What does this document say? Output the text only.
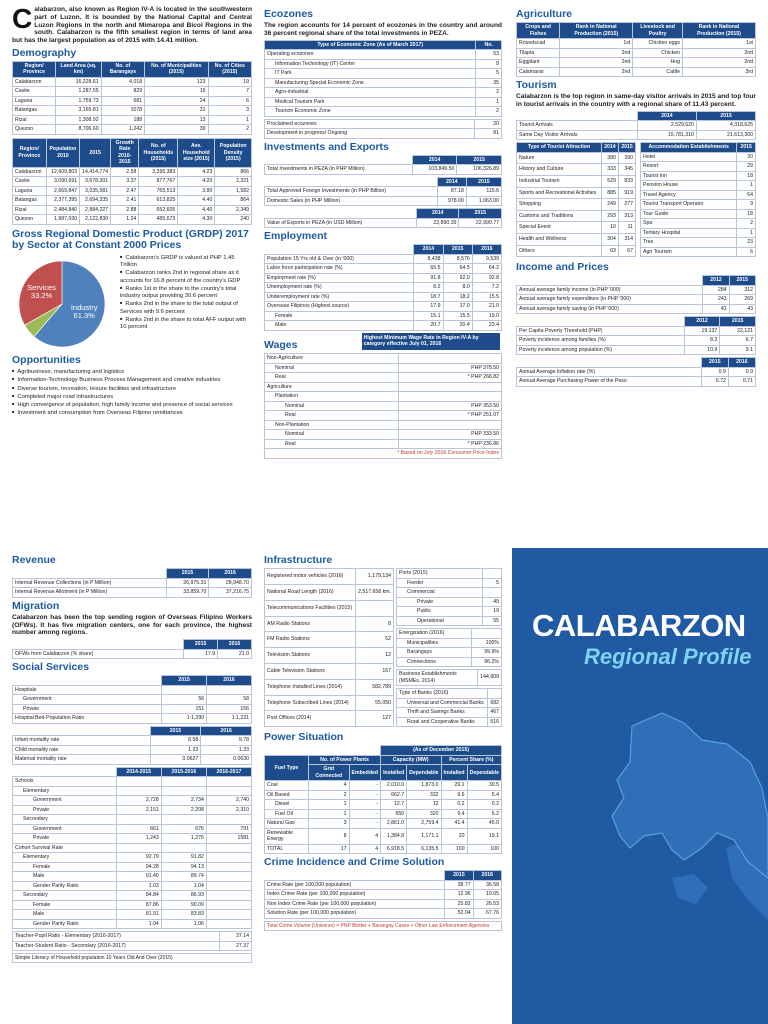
Calabarzon, also known as Region IV-A is located in the southwestern part of Luzon. It is bounded by the National Capital and Central Luzon Regions in the north and Mimaropa and Bicol Regions in the south. Calabarzon is the fifth smallest region in terms of land area but has the largest population as of 2015 with 14.41 million.
Demography
Region/ Province	Land Area (sq. km)	No. of Barangays	No. of Municipalities (2015)	No. of Cities (2015)
Calabarzon	16,228.61	4,018	123	19
Cavite	1,287.55	829	16	7
Laguna	1,759.73	681	24	6
Batangas	3,165.81	1078	31	3
Rizal	1,308.92	188	13	1
Quezon	8,706.60	1,242	39	2
Region/ Province	Population 2010	2015	Growth Rate 2010-2015	No. of Households (2015)	Ave. Household size (2015)	Population Density (2015)
Calabarzon	12,609,803	14,414,774	2.58	3,395,383	4.23	866
Cavite	3,090,691	3,678,301	3.37	877,767	4.20	2,321
Laguna	2,669,847	3,035,081	2.47	765,513	3.90	1,582
Batangas	2,377,395	2,694,335	2.41	613,825	4.40	864
Rizal	2,484,840	2,884,227	2.88	652,605	4.40	2,349
Quezon	1,987,030	2,122,830	1.24	485,673	4.30	240
Gross Regional Domestic Product (GRDP) 2017 by Sector at Constant 2000 Prices
Industry
61.3%
Services
33.2%
■ Calabarzon's GRDP is valued at PHP 1.45 Trillion
■ Calabarzon ranks 2nd in regional share as it accounts for 16.8 percent of the country's GDP
■ Ranks 1st in the share to the country's total industry output providing 30.6 percent
■ Ranks 2nd in the share to the total output of Services with 9.6 percent
■ Ranks 2nd in the share to total AFF output with 10 percent
Opportunities
■ Agribusiness, manufacturing and logistics
■ Information-Technology Business Process Management and creative industries
■ Diverse tourism, recreation, leisure facilities and infrastructure
■ Completed major road infrastructures
■ High convergence of population, high family income and presence of social services
■ Investment and consumption from Overseas Filipino remittances
Ecozones
The region accounts for 14 percent of ecozones in the country and around 36 percent regional share of the total investments in PEZA.
Type of Economic Zone (As of March 2017)	No.
Operating ecozones	53
Information Technology (IT) Center	8
IT Park	5
Manufacturing Special Economic Zone	35
Agro-industrial	2
Medical Tourism Park	1
Tourism Economic Zone	2
Proclaimed ecozones	20
Development in progress/ Ongoing	81
Investments and Exports
	2014	2015
Total Investments in PEZA (in PHP Million)	103,849.50	106,326.89
	2014	2015
Total Approved Foreign Investments (in PHP Billion)	87.18	115.6
Domestic Sales (in PHP Million)	978.00	1,063.00
	2014	2015
Value of Exports in PEZA (in USD Million)	22,890.39	22,990.77
Employment
	2014	2015	2016
Population 15 Yrs old & Over (in '000)	8,438	8,576	9,539
Labor force participation rate (%)	65.5	64.5	64.2
Employment rate (%)	91.8	92.0	92.8
Unemployment rate (%)	8.2	8.0	7.2
Underemployment rate (%)	18.7	18.2	15.5
Overseas Filipinos (Highest source)	17.9	17.0	21.0
Female	15.1	15.5	19.0
Male	20.7	20.4	23.4
Wages Highest Minimum Wage Rate in Region IV-A by category effective July 01, 2016
Non-Agriculture	
Nominal	PHP 378.50
Real	* PHP 268.82
Agriculture	
Plantation	
Nominal	PHP 353.50
Real	* PHP 251.07
Non-Plantation	
Nominal	PHP 333.50
Real	* PHP 236.86
* Based on July 2016 Consumer Price Index	
Agriculture
Crops and Fishes	Rank in National Production (2015)	Livestock and Poultry	Rank in National Production (2015)
Roundscad	1st	Chicken eggs	1st
Tilapia	2nd	Chicken	2nd
Eggplant	2nd	Hog	2nd
Calamansi	2nd	Cattle	3rd
Tourism
Calabarzon is the top region in same-day visitor arrivals in 2015 and top four in tourist arrivals in the country with a regional share of 11.43 percent.
	2014	2015
Tourist Arrivals	2,529,620	4,318,625
Same Day Visitor Arrivals	15,781,310	21,613,300
Type of Tourist Attraction	2014	2015
Nature	380	390
History and Culture	333	345
Industrial Tourism	529	833
Sports and Recreational Activities	885	919
Shopping	249	277
Customs and Traditions	293	313
Special Event	10	11
Health and Wellness	304	314
Others	63	67
Accommodation Establishments	2015
Hotel	20
Resort	29
Tourist Inn	18
Pension House	1
Travel Agency	64
Tourist Transport Operator	9
Tour Guide	18
Spa	2
Tertiary Hospital	1
Tres	23
Agri Tourism	6
Income and Prices
	2012	2015
Annual average family income (in PHP '000)	284	312
Annual average family expenditure (in PHP '000)	243	269
Annual average family saving (in PHP '000)	41	43
	2012	2015
Per Capita Poverty Threshold (PHP)	19,137	22,121
Poverty incidence among families (%)	8.3	6.7
Poverty incidence among population (%)	10.9	9.1
	2015	2016
Annual Average Inflation rate (%)	0.9	0.9
Annual Average Purchasing Power of the Peso	0.72	0.71
Revenue
	2015	2016
Internal Revenue Collections (in P Million)	26,975.31	28,948.70
Internal Revenue Allotment (in P Million)	33,859.70	37,216.75
Migration
Calabarzon has been the top sending region of Overseas Filipino Workers (OFWs). It has five migration centers, one for each province, the highest number among regions.
	2015	2016
OFWs from Calabarzon (% share)	17.9	21.0
Social Services
	2015	2016
Hospitals		
Government	56	58
Private	151	156
Hospital Bed-Population Ratio	1:1,290	1:1,231
	2015	2016
Infant mortality rate	8.58	9.78
Child mortality rate	1.23	1.33
Maternal mortality rate	0.0627	0.0630
	2014-2015	2015-2016	2016-2017
Schools			
Elementary			
Government	2,728	2,734	2,740
Private	2,151	2,208	2,310
Secondary			
Government	661	676	791
Private	1,243	1,276	1581
Cohort Survival Rate			
Elementary	92.79	91.82	
Female	94.28	94.13	
Male	91.40	89.74	
Gender Parity Ratio	1.03	1.04	
Secondary	84.84	86.93	
Female	87.86	90.09	
Male	81.91	83.83	
Gender Parity Ratio	1.04	1.06	
Teacher-Pupil Ratio - Elementary (2016-2017)	37.14
Teacher-Student Ratio - Secondary (2016-2017)	27.37
Simple Literacy of Household population 10 Years Old And Over (2015)
Infrastructure
Registered motor vehicles (2016)	1,179,134
National Road Length (2016)	2,517.658 km.
Telecommunications Facilities (2015)	
AM Radio Stations	8
FM Radio Stations	52
Television Stations	12
Cable Television Stations	167
Telephone Installed Lines (2014)	582,789
Telephone Subscribed Lines (2014)	55,050
Post Offices (2014)	127
Ports (2015)	
Feeder	5
Commercial	
Private	49
Public	19
Operational	55
Energization (2016)	
Municipalities	100%
Barangays	99.9%
Connections	96.2%
Business Establishments (MSMEs, 2014)	144,909
Type of Banks (2016)	
Universal and Commercial Banks	682
Thrift and Savings Banks	467
Rural and Cooperative Banks	516
Power Situation
			(As of December 2015)			
Fuel Type	No. of Power Plants		Capacity (MW)		Percent Share (%)	
	Grid Connected	Embedded	Installed	Dependable	Installed	Dependable
Coal	4	-	2,010.0	1,873.0	29.1	30.5
Oil Based	2	-	662.7	332	9.6	5.4
Diesel	1	-	12.7	12	0.2	0.2
Fuel Oil	1	-	650	320	9.4	5.2
Natural Gas	3	-	2,861.0	2,759.4	41.4	45.0
Renewable Energy	8	4	1,384.8	1,171.1	20	19.1
TOTAL	17	4	6,918.5	6,135.5	100	100
Crime Incidence and Crime Solution
	2015	2016
Crime Rate (per 100,000 population)	38.77	36.58
Index Crime Rate (per 100,000 population)	12.96	10.05
Non Index Crime Rate (per 100,000 population)	25.82	26.53
Solution Rate (per 100,000 population)	52.04	67.76
Total Crime Volume (Universe) = PNP Blotter + Barangay Cases + Other Law Enforcement Agencies
CALABARZON
Regional Profile
